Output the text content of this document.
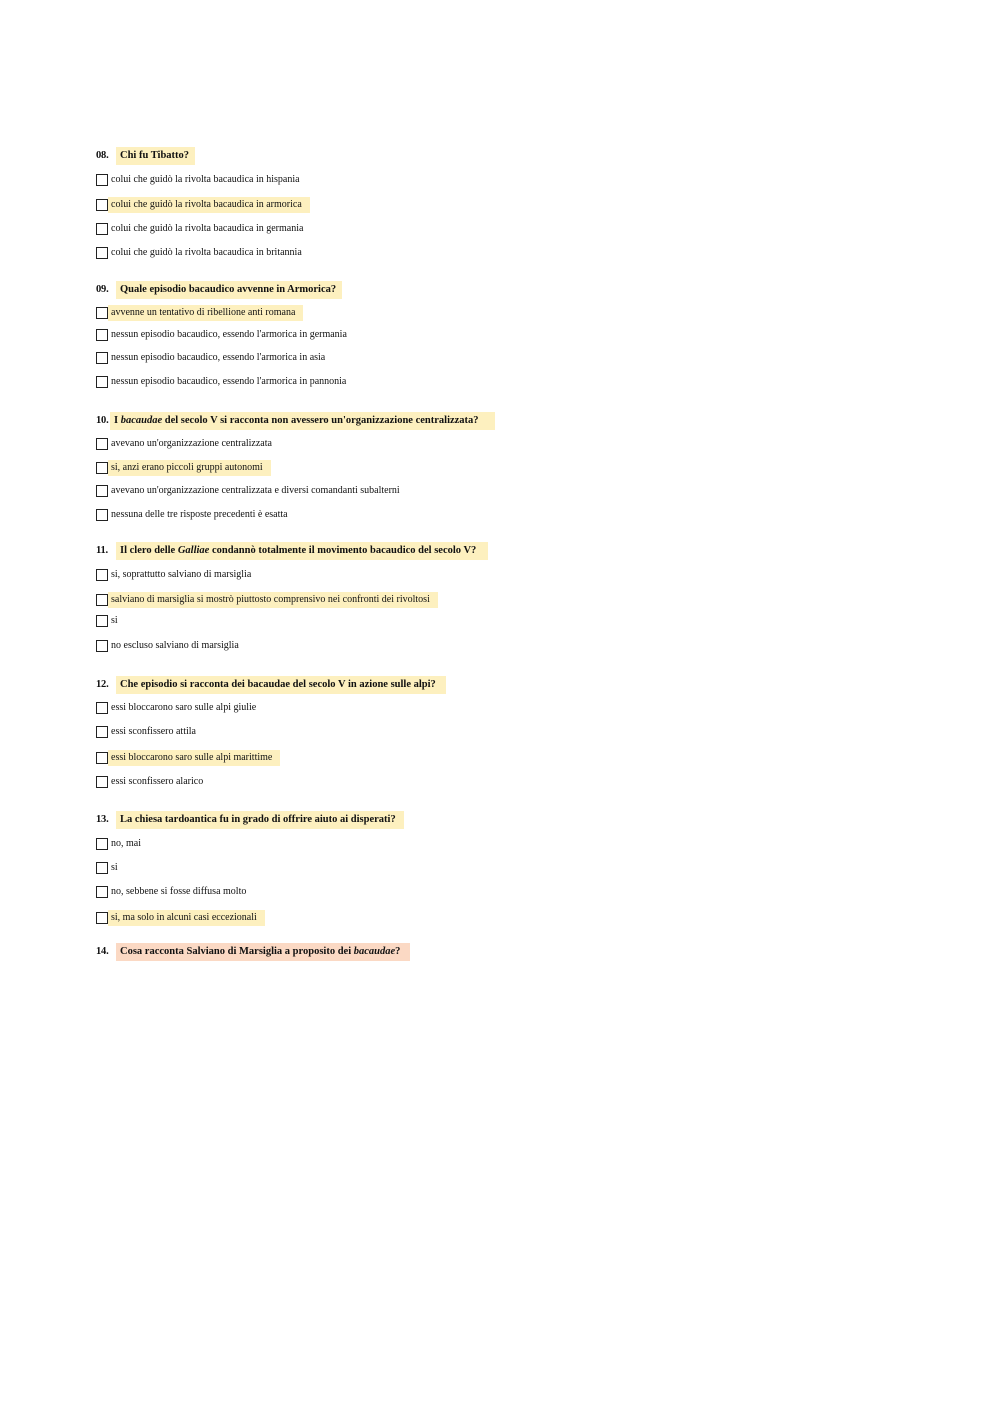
08.	Chi fu Tibatto?
colui che guidò la rivolta bacaudica in hispania
colui che guidò la rivolta bacaudica in armorica
colui che guidò la rivolta bacaudica in germania
colui che guidò la rivolta bacaudica in britannia
09.	Quale episodio bacaudico avvenne in Armorica?
avvenne un tentativo di ribellione anti romana
nessun episodio bacaudico, essendo l'armorica in germania
nessun episodio bacaudico, essendo l'armorica in asia
nessun episodio bacaudico, essendo l'armorica in pannonia
10. I bacaudae del secolo V si racconta non avessero un'organizzazione centralizzata?
avevano un'organizzazione centralizzata
si, anzi erano piccoli gruppi autonomi
avevano un'organizzazione centralizzata e diversi comandanti subalterni
nessuna delle tre risposte precedenti è esatta
11.	Il clero delle Galliae condannò totalmente il movimento bacaudico del secolo V?
si, soprattutto salviano di marsiglia
salviano di marsiglia si mostrò piuttosto comprensivo nei confronti dei rivoltosi
si
no escluso salviano di marsiglia
12.	Che episodio si racconta dei bacaudae del secolo V in azione sulle alpi?
essi bloccarono saro sulle alpi giulie
essi sconfissero attila
essi bloccarono saro sulle alpi marittime
essi sconfissero alarico
13.	La chiesa tardoantica fu in grado di offrire aiuto ai disperati?
no, mai
si
no, sebbene si fosse diffusa molto
si, ma solo in alcuni casi eccezionali
14.	Cosa racconta Salviano di Marsiglia a proposito dei bacaudae?
